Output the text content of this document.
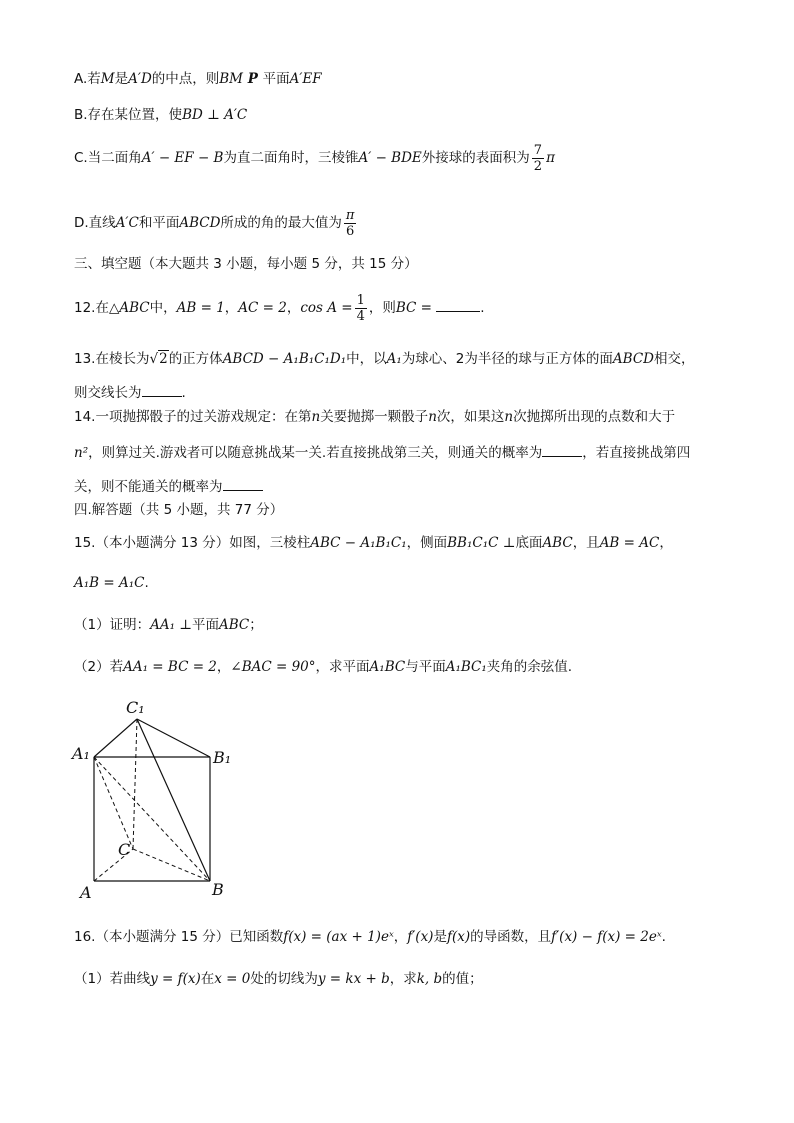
A.若M是A′D的中点，则BM P 平面A′EF
B.存在某位置，使BD ⊥ A′C
C.当二面角A′ − EF − B为直二面角时，三棱锥A′ − BDE外接球的表面积为 $\frac{7}{2}$ π
D.直线A′C和平面ABCD所成的角的最大值为 $\frac{\pi}{6}$
三、填空题（本大题共 3 小题，每小题 5 分，共 15 分）
12.在△ABC中，AB = 1，AC = 2，$\cos A = \frac{1}{4}$ ，则BC =	.
13.在棱长为√2的正方体ABCD − A₁B₁C₁D₁中，以A₁为球心、2为半径的球与正方体的面ABCD相交，
则交线长为	.
14.一项抛掷骰子的过关游戏规定：在第n关要抛掷一颗骰子n次，如果这n次抛掷所出现的点数和大于
n²，则算过关.游戏者可以随意挑战某一关.若直接挑战第三关，则通关的概率为	，若直接挑战第四
关，则不能通关的概率为
四.解答题（共 5 小题，共 77 分）
15.（本小题满分 13 分）如图，三棱柱ABC − A₁B₁C₁，侧面BB₁C₁C ⊥底面ABC，且AB = AC，
A₁B = A₁C.
（1）证明：AA₁ ⊥平面ABC；
（2）若AA₁ = BC = 2，∠BAC = 90°，求平面A₁BC与平面A₁BC₁夹角的余弦值.
C₁
A₁	B₁
C
A	B
16.（本小题满分 15 分）已知函数f(x) = (ax + 1)eˣ，f′(x)是f(x)的导函数，且f′(x) − f(x) = 2eˣ.
（1）若曲线y = f(x)在x = 0处的切线为y = kx + b，求k, b的值；
